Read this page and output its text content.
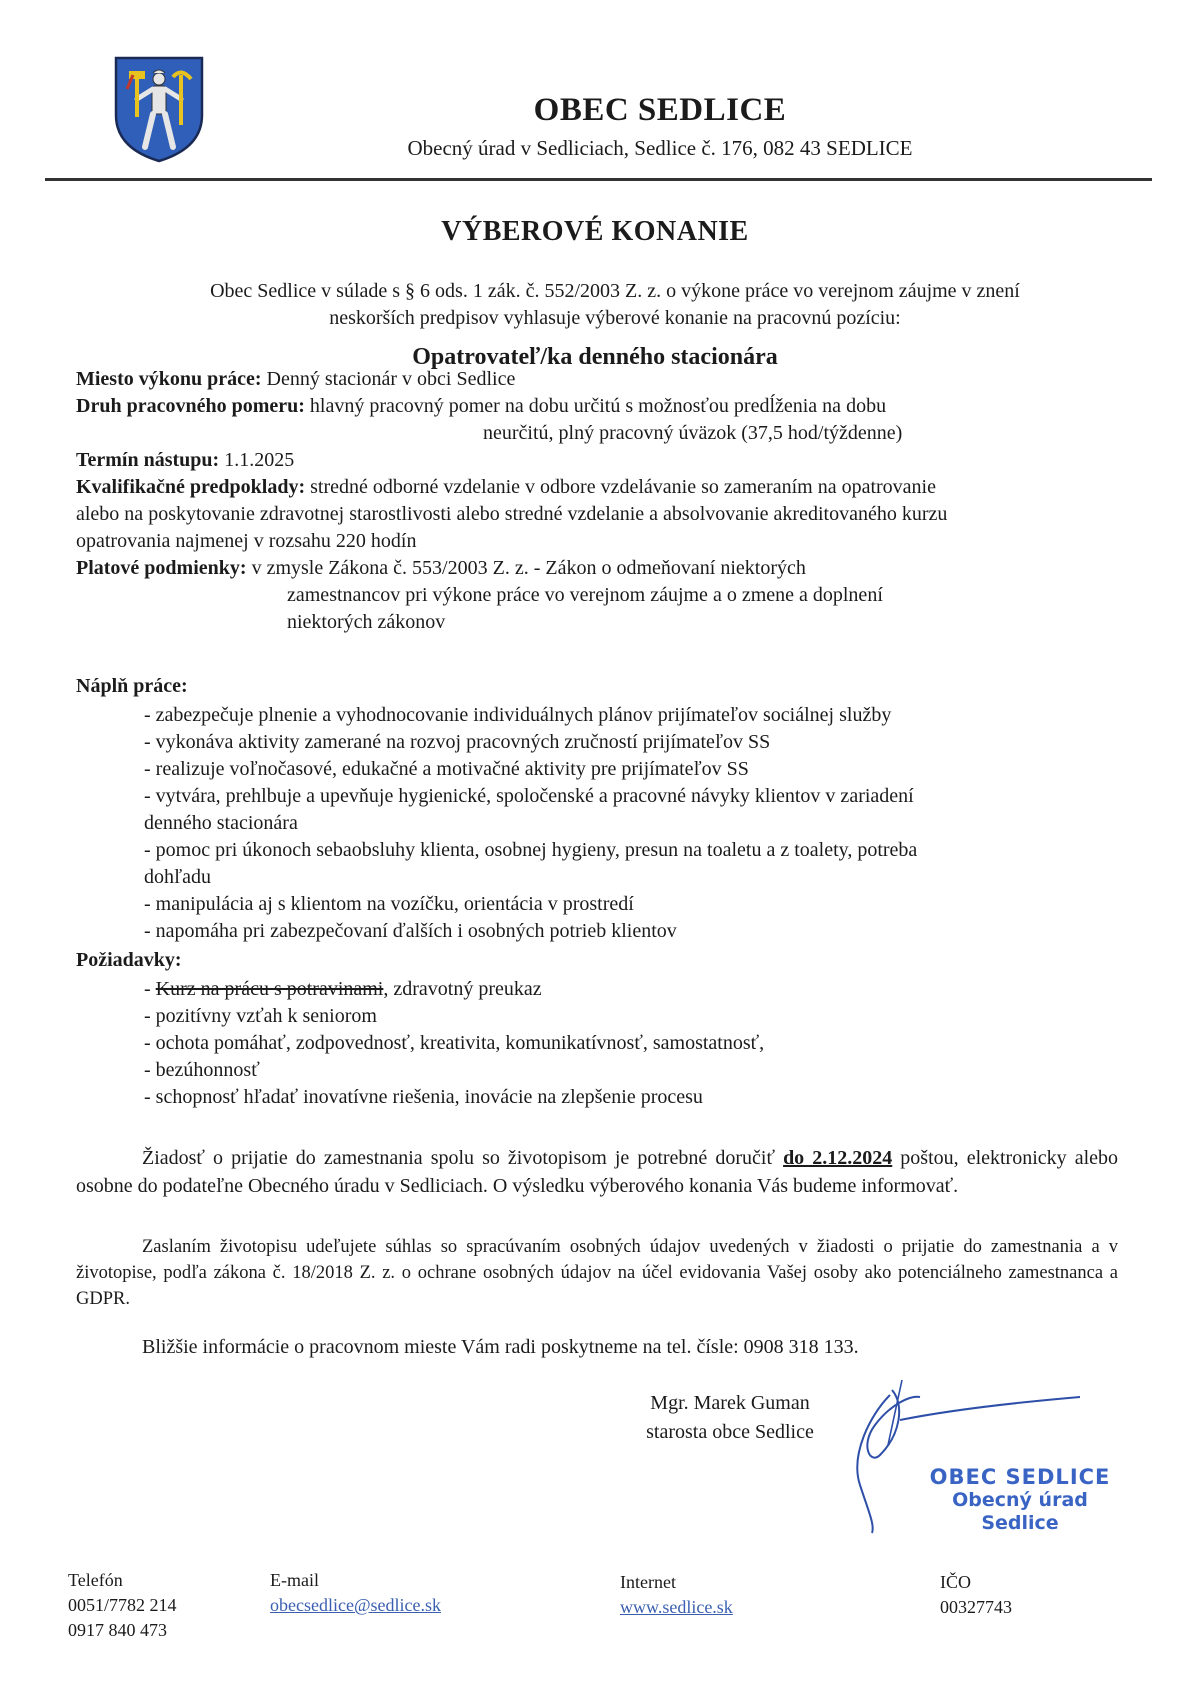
OBEC SEDLICE
Obecný úrad v Sedliciach, Sedlice č. 176, 082 43 SEDLICE
VÝBEROVÉ KONANIE
Obec Sedlice v súlade s § 6 ods. 1 zák. č. 552/2003 Z. z. o výkone práce vo verejnom záujme v znení
neskorších predpisov vyhlasuje výberové konanie na pracovnú pozíciu:
Opatrovateľ/ka denného stacionára
Miesto výkonu práce: Denný stacionár v obci Sedlice
Druh pracovného pomeru: hlavný pracovný pomer na dobu určitú s možnosťou predĺženia na dobu
neurčitú, plný pracovný úväzok (37,5 hod/týždenne)
Termín nástupu: 1.1.2025
Kvalifikačné predpoklady: stredné odborné vzdelanie v odbore vzdelávanie so zameraním na opatrovanie
alebo na poskytovanie zdravotnej starostlivosti alebo stredné vzdelanie a absolvovanie akreditovaného kurzu
opatrovania najmenej v rozsahu 220 hodín
Platové podmienky: v zmysle Zákona č. 553/2003 Z. z. - Zákon o odmeňovaní niektorých
zamestnancov pri výkone práce vo verejnom záujme a o zmene a doplnení
niektorých zákonov
Náplň práce:
- zabezpečuje plnenie a vyhodnocovanie individuálnych plánov prijímateľov sociálnej služby
- vykonáva aktivity zamerané na rozvoj pracovných zručností prijímateľov SS
- realizuje voľnočasové, edukačné a motivačné aktivity pre prijímateľov SS
- vytvára, prehlbuje a upevňuje hygienické, spoločenské a pracovné návyky klientov v zariadení
denného stacionára
- pomoc pri úkonoch sebaobsluhy klienta, osobnej hygieny, presun na toaletu a z toalety, potreba
dohľadu
- manipulácia aj s klientom na vozíčku, orientácia v prostredí
- napomáha pri zabezpečovaní ďalších i osobných potrieb klientov
Požiadavky:
- Kurz na prácu s potravinami, zdravotný preukaz
- pozitívny vzťah k seniorom
- ochota pomáhať, zodpovednosť, kreativita, komunikatívnosť, samostatnosť,
- bezúhonnosť
- schopnosť hľadať inovatívne riešenia, inovácie na zlepšenie procesu
Žiadosť o prijatie do zamestnania spolu so životopisom je potrebné doručiť do 2.12.2024 poštou, elektronicky alebo osobne do podateľne Obecného úradu v Sedliciach. O výsledku výberového konania Vás budeme informovať.
Zaslaním životopisu udeľujete súhlas so spracúvaním osobných údajov uvedených v žiadosti o prijatie do zamestnania a v životopise, podľa zákona č. 18/2018 Z. z. o ochrane osobných údajov na účel evidovania Vašej osoby ako potenciálneho zamestnanca a GDPR.
Bližšie informácie o pracovnom mieste Vám radi poskytneme na tel. čísle: 0908 318 133.
Mgr. Marek Guman
starosta obce Sedlice
OBEC SEDLICE
Obecný úrad
Sedlice
Telefón
0051/7782 214
0917 840 473
E-mail
obecsedlice@sedlice.sk
Internet
www.sedlice.sk
IČO
00327743
